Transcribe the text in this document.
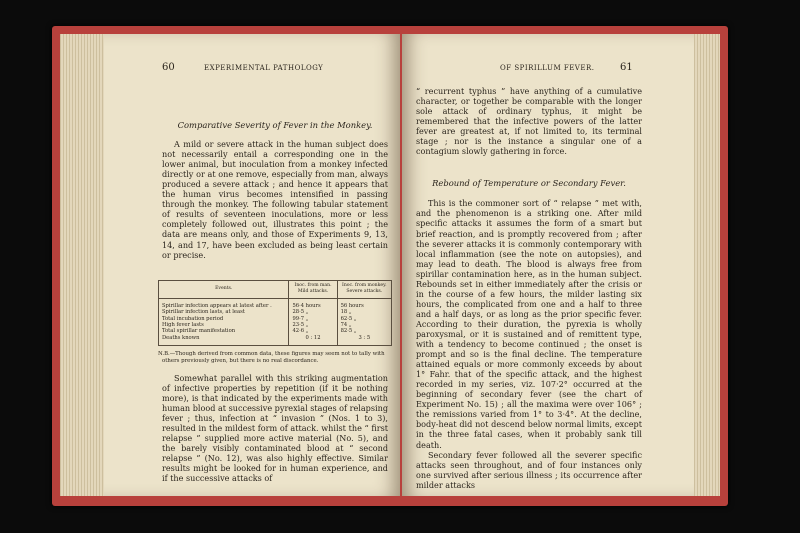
60	EXPERIMENTAL PATHOLOGY
Comparative Severity of Fever in the Monkey.

A mild or severe attack in the human subject does not necessarily entail a corresponding one in the lower animal, but inoculation from a monkey infected directly or at one remove, especially from man, always produced a severe attack ; and hence it appears that the human virus becomes intensified in passing through the monkey. The following tabular statement of results of seventeen inoculations, more or less completely followed out, illustrates this point ; the data are means only, and those of Experiments 9, 13, 14, and 17, have been excluded as being least certain or precise.

Events.	Inoc. from man. Mild attacks.	Inoc. from monkey. Severe attacks.
Spirillar infection appears at latest after .	56·4 hours	56 hours
Spirillar infection lasts, at least	28·5 „	18 „
Total incubation period	99·7 „	62·5 „
High fever lasts	23·5 „	74 „
Total spirillar manifestation	42·6 „	82·5 „
Deaths known	0 : 12	3 : 5
N.B.—Though derived from common data, these figures may seem not to tally with others previously given, but there is no real discordance.

Somewhat parallel with this striking augmentation of infective properties by repetition (if it be nothing more), is that indicated by the experiments made with human blood at successive pyrexial stages of relapsing fever ; thus, infection at “ invasion ” (Nos. 1 to 3), resulted in the mildest form of attack. whilst the “ first relapse ” supplied more active material (No. 5), and the barely visibly contaminated blood at “ second relapse ” (No. 12), was also highly effective. Similar results might be looked for in human experience, and if the successive attacks of

OF SPIRILLUM FEVER.	61

“ recurrent typhus ” have anything of a cumulative character, or together be comparable with the longer sole attack of ordinary typhus, it might be remembered that the infective powers of the latter fever are greatest at, if not limited to, its terminal stage ; nor is the instance a singular one of a contagium slowly gathering in force.

Rebound of Temperature or Secondary Fever.

This is the commoner sort of “ relapse ” met with, and the phenomenon is a striking one. After mild specific attacks it assumes the form of a smart but brief reaction, and is promptly recovered from ; after the severer attacks it is commonly contemporary with local inflammation (see the note on autopsies), and may lead to death. The blood is always free from spirillar contamination here, as in the human subject. Rebounds set in either immediately after the crisis or in the course of a few hours, the milder lasting six hours, the complicated from one and a half to three and a half days, or as long as the prior specific fever. According to their duration, the pyrexia is wholly paroxysmal, or it is sustained and of remittent type, with a tendency to become continued ; the onset is prompt and so is the final decline. The temperature attained equals or more commonly exceeds by about 1° Fahr. that of the specific attack, and the highest recorded in my series, viz. 107·2° occurred at the beginning of secondary fever (see the chart of Experiment No. 15) ; all the maxima were over 106° ; the remissions varied from 1° to 3·4°. At the decline, body-heat did not descend below normal limits, except in the three fatal cases, when it probably sank till death.

Secondary fever followed all the severer specific attacks seen throughout, and of four instances only one survived after serious illness ; its occurrence after milder attacks
